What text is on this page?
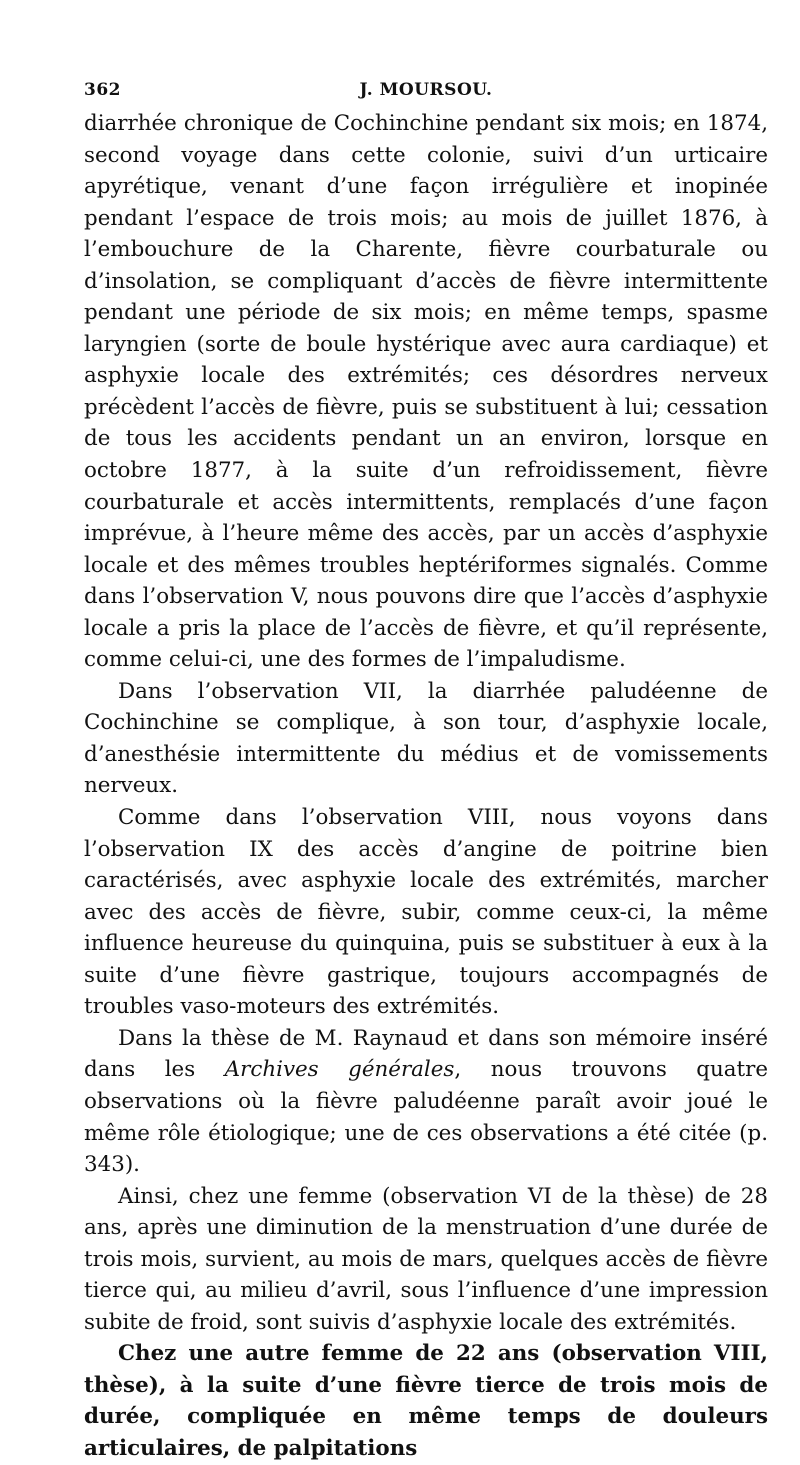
362	J. MOURSOU.

diarrhée chronique de Cochinchine pendant six mois; en 1874, second voyage dans cette colonie, suivi d’un urticaire apyrétique, venant d’une façon irrégulière et inopinée pendant l’espace de trois mois; au mois de juillet 1876, à l’embouchure de la Charente, fièvre courbaturale ou d’insolation, se compliquant d’accès de fièvre intermittente pendant une période de six mois; en même temps, spasme laryngien (sorte de boule hystérique avec aura cardiaque) et asphyxie locale des extrémités; ces désordres nerveux précèdent l’accès de fièvre, puis se substituent à lui; cessation de tous les accidents pendant un an environ, lorsque en octobre 1877, à la suite d’un refroidissement, fièvre courbaturale et accès intermittents, remplacés d’une façon imprévue, à l’heure même des accès, par un accès d’asphyxie locale et des mêmes troubles heptériformes signalés. Comme dans l’observation V, nous pouvons dire que l’accès d’asphyxie locale a pris la place de l’accès de fièvre, et qu’il représente, comme celui-ci, une des formes de l’impaludisme.

Dans l’observation VII, la diarrhée paludéenne de Cochinchine se complique, à son tour, d’asphyxie locale, d’anesthésie intermittente du médius et de vomissements nerveux.

Comme dans l’observation VIII, nous voyons dans l’observation IX des accès d’angine de poitrine bien caractérisés, avec asphyxie locale des extrémités, marcher avec des accès de fièvre, subir, comme ceux-ci, la même influence heureuse du quinquina, puis se substituer à eux à la suite d’une fièvre gastrique, toujours accompagnés de troubles vaso-moteurs des extrémités.

Dans la thèse de M. Raynaud et dans son mémoire inséré dans les Archives générales, nous trouvons quatre observations où la fièvre paludéenne paraît avoir joué le même rôle étiologique; une de ces observations a été citée (p. 343).

Ainsi, chez une femme (observation VI de la thèse) de 28 ans, après une diminution de la menstruation d’une durée de trois mois, survient, au mois de mars, quelques accès de fièvre tierce qui, au milieu d’avril, sous l’influence d’une impression subite de froid, sont suivis d’asphyxie locale des extrémités.

Chez une autre femme de 22 ans (observation VIII, thèse), à la suite d’une fièvre tierce de trois mois de durée, compliquée en même temps de douleurs articulaires, de palpitations
